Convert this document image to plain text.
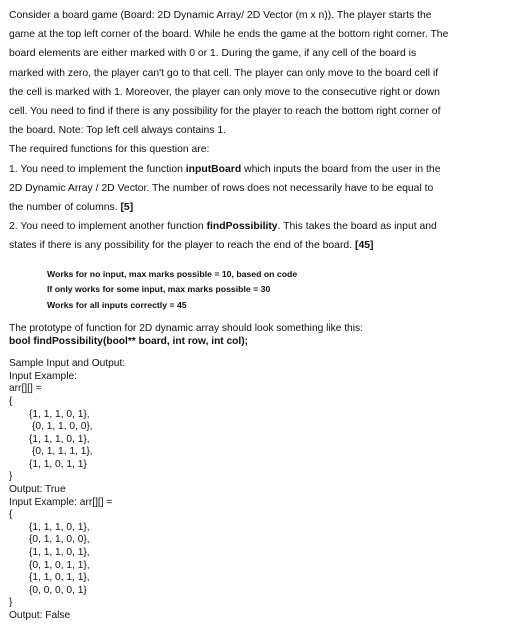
Consider a board game (Board: 2D Dynamic Array/ 2D Vector (m x n)). The player starts the

game at the top left corner of the board. While he ends the game at the bottom right corner. The

board elements are either marked with 0 or 1. During the game, if any cell of the board is

marked with zero, the player can't go to that cell. The player can only move to the board cell if

the cell is marked with 1. Moreover, the player can only move to the consecutive right or down

cell. You need to find if there is any possibility for the player to reach the bottom right corner of

the board. Note: Top left cell always contains 1.

The required functions for this question are:

1. You need to implement the function inputBoard which inputs the board from the user in the

2D Dynamic Array / 2D Vector. The number of rows does not necessarily have to be equal to

the number of columns. [5]

2. You need to implement another function findPossibility. This takes the board as input and

states if there is any possibility for the player to reach the end of the board. [45]

Works for no input, max marks possible = 10, based on code
If only works for some input, max marks possible = 30
Works for all inputs correctly = 45
The prototype of function for 2D dynamic array should look something like this:
bool findPossibility(bool** board, int row, int col);
Sample Input and Output:
Input Example:
arr[][] =
{
{1, 1, 1, 0, 1},
{0, 1, 1, 0, 0},
{1, 1, 1, 0, 1},
{0, 1, 1, 1, 1},
{1, 1, 0, 1, 1}
}
Output: True
Input Example: arr[][] =
{
{1, 1, 1, 0, 1},
{0, 1, 1, 0, 0},
{1, 1, 1, 0, 1},
{0, 1, 0, 1, 1},
{1, 1, 0, 1, 1},
{0, 0, 0, 0, 1}
}
Output: False
